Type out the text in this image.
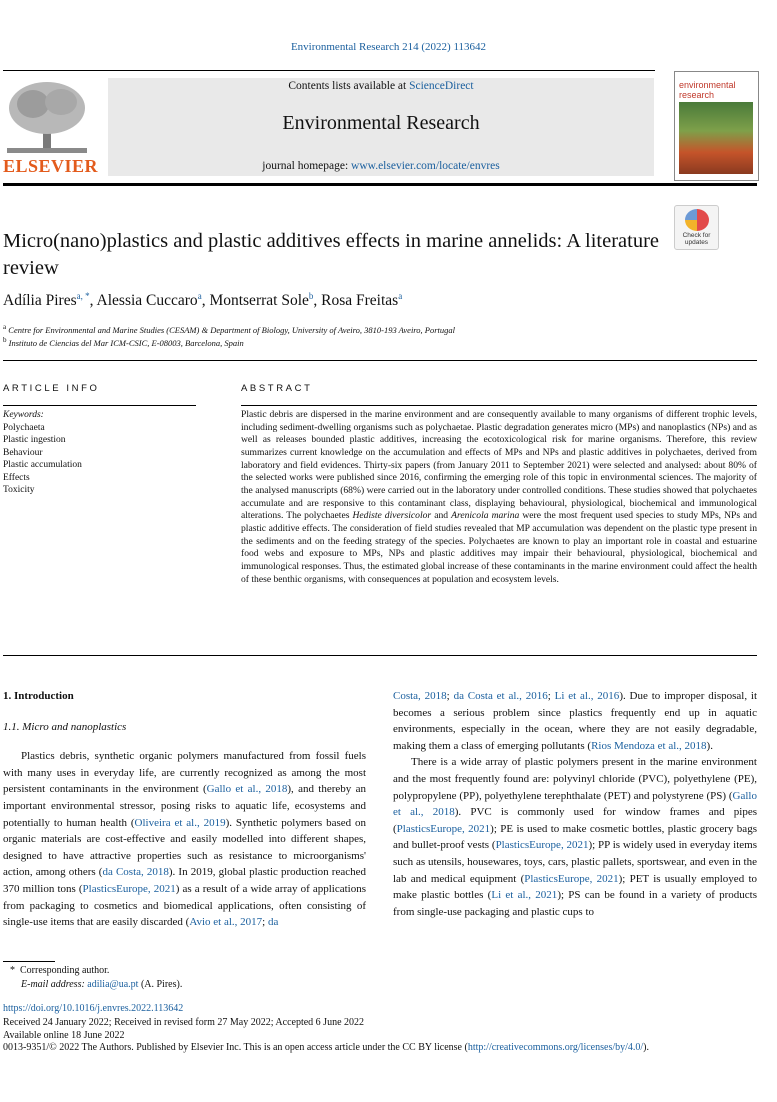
Environmental Research 214 (2022) 113642
ELSEVIER
Contents lists available at ScienceDirect
Environmental Research
journal homepage: www.elsevier.com/locate/envres
environmental
research
Check for updates
Micro(nano)plastics and plastic additives effects in marine annelids: A literature review
Adília Pires$^{a, *}$, Alessia Cuccaro$^a$, Montserrat Sole$^b$, Rosa Freitas$^a$
$^a$ Centre for Environmental and Marine Studies (CESAM) & Department of Biology, University of Aveiro, 3810-193 Aveiro, Portugal
$^b$ Instituto de Ciencias del Mar ICM-CSIC, E-08003, Barcelona, Spain
ARTICLE INFO	ABSTRACT
Keywords:
Polychaeta
Plastic ingestion
Behaviour
Plastic accumulation
Effects
Toxicity
Plastic debris are dispersed in the marine environment and are consequently available to many organisms of different trophic levels, including sediment-dwelling organisms such as polychaetae. Plastic degradation generates micro (MPs) and nanoplastics (NPs) and as well as releases bounded plastic additives, increasing the ecotoxicological risk for marine organisms. Therefore, this review summarizes current knowledge on the accumulation and effects of MPs and NPs and plastic additives in polychaetes, derived from laboratory and field evidences. Thirty-six papers (from January 2011 to September 2021) were selected and analysed: about 80% of the selected works were published since 2016, confirming the emerging role of this topic in environmental sciences. The majority of the analysed manuscripts (68%) were carried out in the laboratory under controlled conditions. These studies showed that polychaetes accumulate and are responsive to this contaminant class, displaying behavioural, physiological, biochemical and immunological alterations. The polychaetes Hediste diversicolor and Arenicola marina were the most frequent used species to study MPs, NPs and plastic additive effects. The consideration of field studies revealed that MP accumulation was dependent on the plastic type present in the sediments and on the feeding strategy of the species. Polychaetes are known to play an important role in coastal and estuarine food webs and exposure to MPs, NPs and plastic additives may impair their behavioural, physiological, biochemical and immunological responses. Thus, the estimated global increase of these contaminants in the marine environment could affect the health of these benthic organisms, with consequences at population and ecosystem levels.
1. Introduction
1.1. Micro and nanoplastics

Plastics debris, synthetic organic polymers manufactured from fossil fuels with many uses in everyday life, are currently recognized as among the most persistent contaminants in the environment (Gallo et al., 2018), and thereby an important environmental stressor, posing risks to aquatic life, ecosystems and potentially to human health (Oliveira et al., 2019). Synthetic polymers based on organic materials are cost-effective and easily modelled into different shapes, designed to have attractive properties such as resistance to microorganisms' action, among others (da Costa, 2018). In 2019, global plastic production reached 370 million tons (PlasticsEurope, 2021) as a result of a wide array of applications from packaging to cosmetics and biomedical applications, often consisting of single-use items that are easily discarded (Avio et al., 2017; da

Costa, 2018; da Costa et al., 2016; Li et al., 2016). Due to improper disposal, it becomes a serious problem since plastics frequently end up in aquatic environments, especially in the ocean, where they are not easily degradable, making them a class of emerging pollutants (Rios Mendoza et al., 2018).

There is a wide array of plastic polymers present in the marine environment and the most frequently found are: polyvinyl chloride (PVC), polyethylene (PE), polypropylene (PP), polyethylene terephthalate (PET) and polystyrene (PS) (Gallo et al., 2018). PVC is commonly used for window frames and pipes (PlasticsEurope, 2021); PE is used to make cosmetic bottles, plastic grocery bags and bullet-proof vests (PlasticsEurope, 2021); PP is widely used in everyday items such as utensils, housewares, toys, cars, plastic pallets, sportswear, and even in the lab and medical equipment (PlasticsEurope, 2021); PET is usually employed to make plastic bottles (Li et al., 2021); PS can be found in a variety of products from single-use packaging and plastic cups to

* Corresponding author.
E-mail address: adilia@ua.pt (A. Pires).
https://doi.org/10.1016/j.envres.2022.113642
Received 24 January 2022; Received in revised form 27 May 2022; Accepted 6 June 2022
Available online 18 June 2022
0013-9351/© 2022 The Authors. Published by Elsevier Inc. This is an open access article under the CC BY license (http://creativecommons.org/licenses/by/4.0/).
